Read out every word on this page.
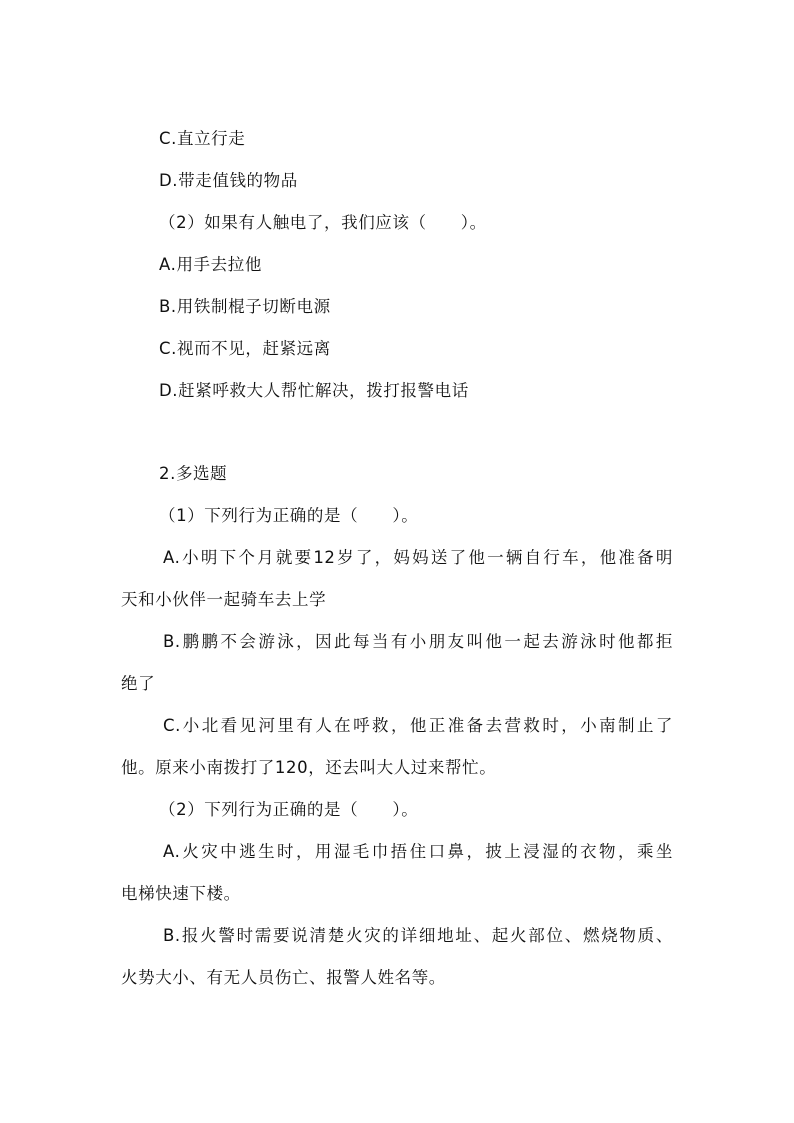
C.直立行走
D.带走值钱的物品
（2）如果有人触电了，我们应该（　　）。
A.用手去拉他
B.用铁制棍子切断电源
C.视而不见，赶紧远离
D.赶紧呼救大人帮忙解决，拨打报警电话
2.多选题
（1）下列行为正确的是（　　）。
A.小明下个月就要12岁了，妈妈送了他一辆自行车，他准备明
天和小伙伴一起骑车去上学
B.鹏鹏不会游泳，因此每当有小朋友叫他一起去游泳时他都拒
绝了
C.小北看见河里有人在呼救，他正准备去营救时，小南制止了
他。原来小南拨打了120，还去叫大人过来帮忙。
（2）下列行为正确的是（　　）。
A.火灾中逃生时，用湿毛巾捂住口鼻，披上浸湿的衣物，乘坐
电梯快速下楼。
B.报火警时需要说清楚火灾的详细地址、起火部位、燃烧物质、
火势大小、有无人员伤亡、报警人姓名等。
